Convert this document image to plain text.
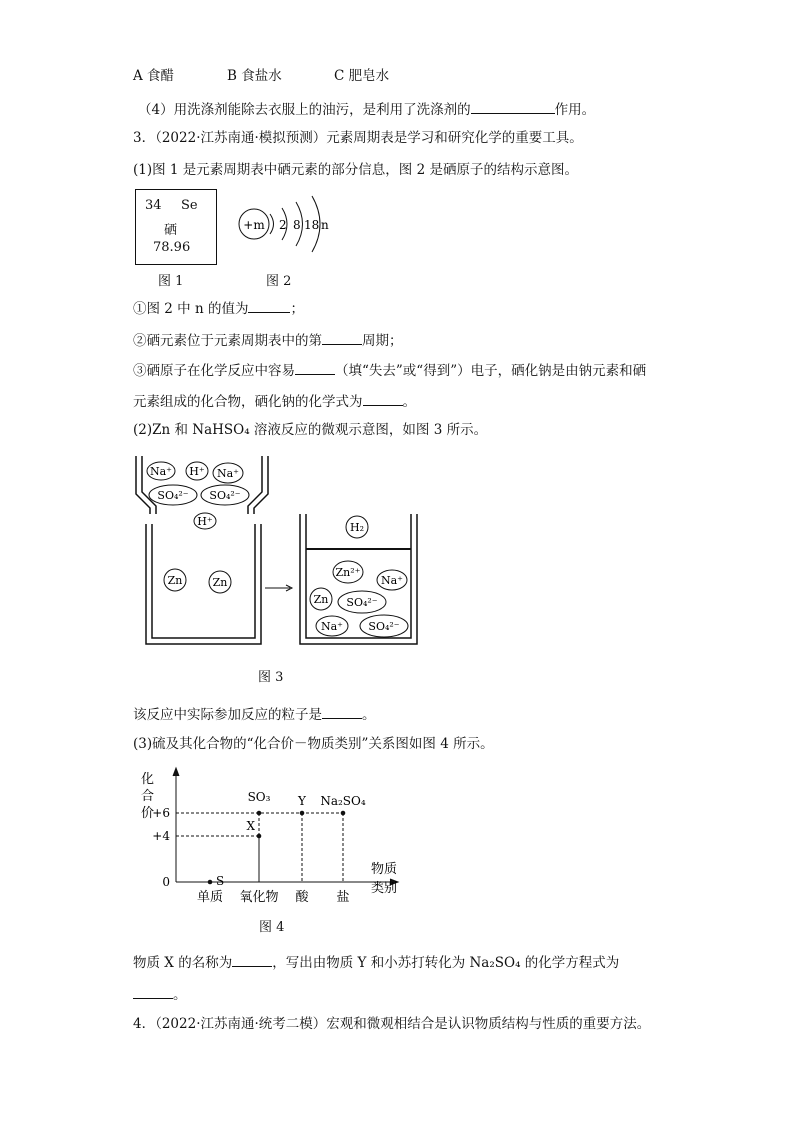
A 食醋	B 食盐水	C 肥皂水
（4）用洗涤剂能除去衣服上的油污，是利用了洗涤剂的	作用。
3．（2022·江苏南通·模拟预测）元素周期表是学习和研究化学的重要工具。
(1)图 1 是元素周期表中硒元素的部分信息，图 2 是硒原子的结构示意图。
34 Se
硒
78.96
图 1
+m 2 8 18 n
图 2
①图 2 中 n 的值为	；
②硒元素位于元素周期表中的第	周期；
③硒原子在化学反应中容易	（填“失去”或“得到”）电子，硒化钠是由钠元素和硒
元素组成的化合物，硒化钠的化学式为	。
(2)Zn 和 NaHSO₄ 溶液反应的微观示意图，如图 3 所示。
Na⁺ H⁺ Na⁺
SO₄²⁻ SO₄²⁻
H⁺
Zn	Zn
H₂
Zn²⁺
Na⁺
Zn SO₄²⁻
Na⁺ SO₄²⁻
图 3
该反应中实际参加反应的粒子是	。
(3)硫及其化合物的“化合价－物质类别”关系图如图 4 所示。
化
合
价
+6
+4
0
单质 氧化物 酸 盐
物质
类别
S
X
SO₃ Y Na₂SO₄
图 4
物质 X 的名称为	，写出由物质 Y 和小苏打转化为 Na₂SO₄ 的化学方程式为
。
4．（2022·江苏南通·统考二模）宏观和微观相结合是认识物质结构与性质的重要方法。
